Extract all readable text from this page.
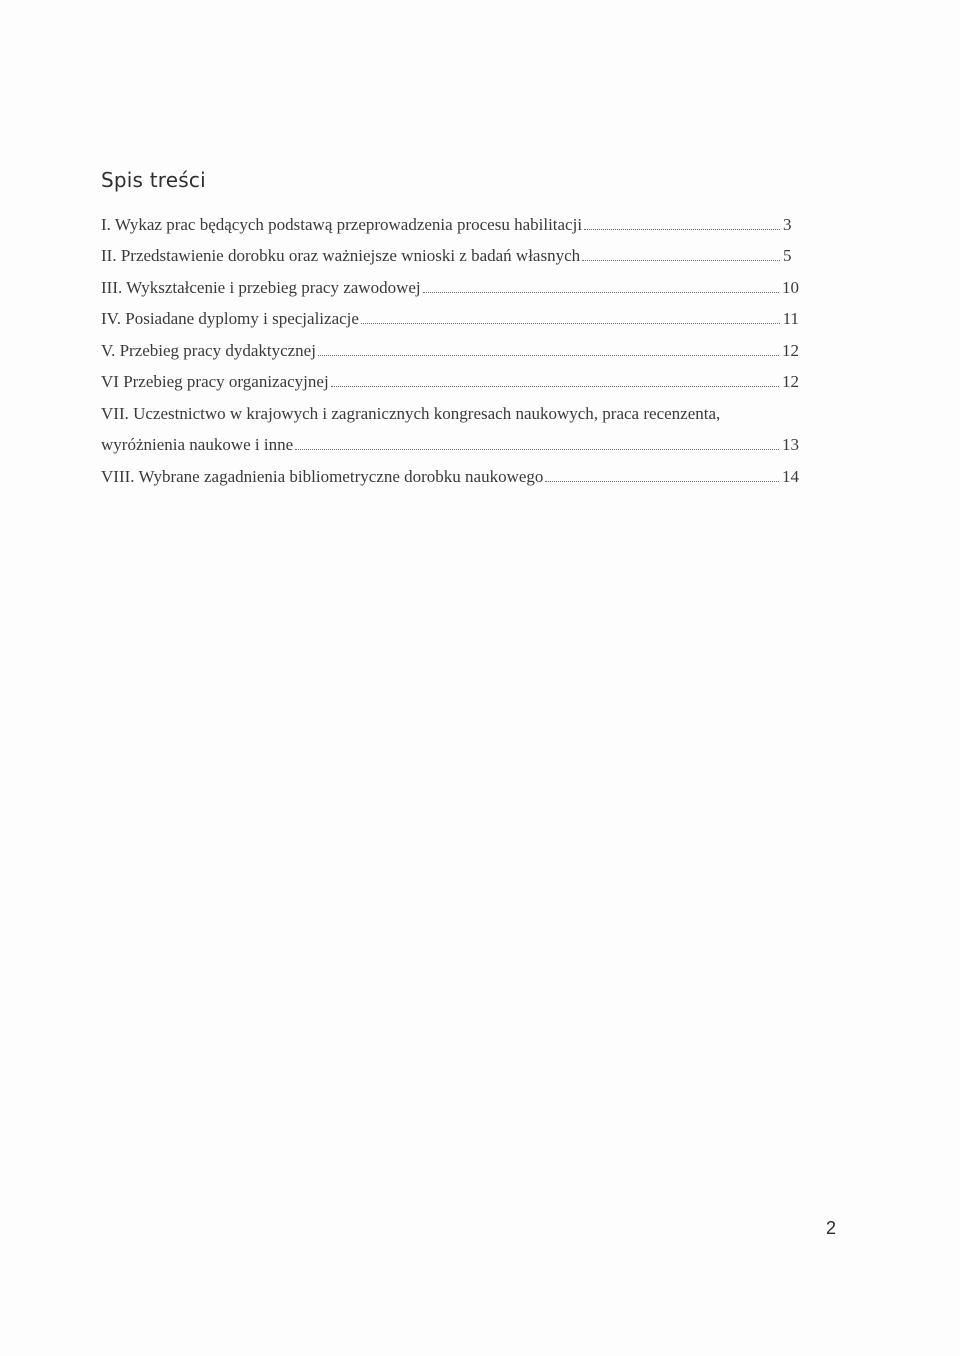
Spis treści
I. Wykaz prac będących podstawą przeprowadzenia procesu habilitacji	3
II. Przedstawienie dorobku oraz ważniejsze wnioski z badań własnych	5
III. Wykształcenie i przebieg pracy zawodowej	10
IV. Posiadane dyplomy i specjalizacje	11
V. Przebieg pracy dydaktycznej	12
VI Przebieg pracy organizacyjnej	12
VII. Uczestnictwo w krajowych i zagranicznych kongresach naukowych, praca recenzenta,
wyróżnienia naukowe i inne	13
VIII. Wybrane zagadnienia bibliometryczne dorobku naukowego	14
2
